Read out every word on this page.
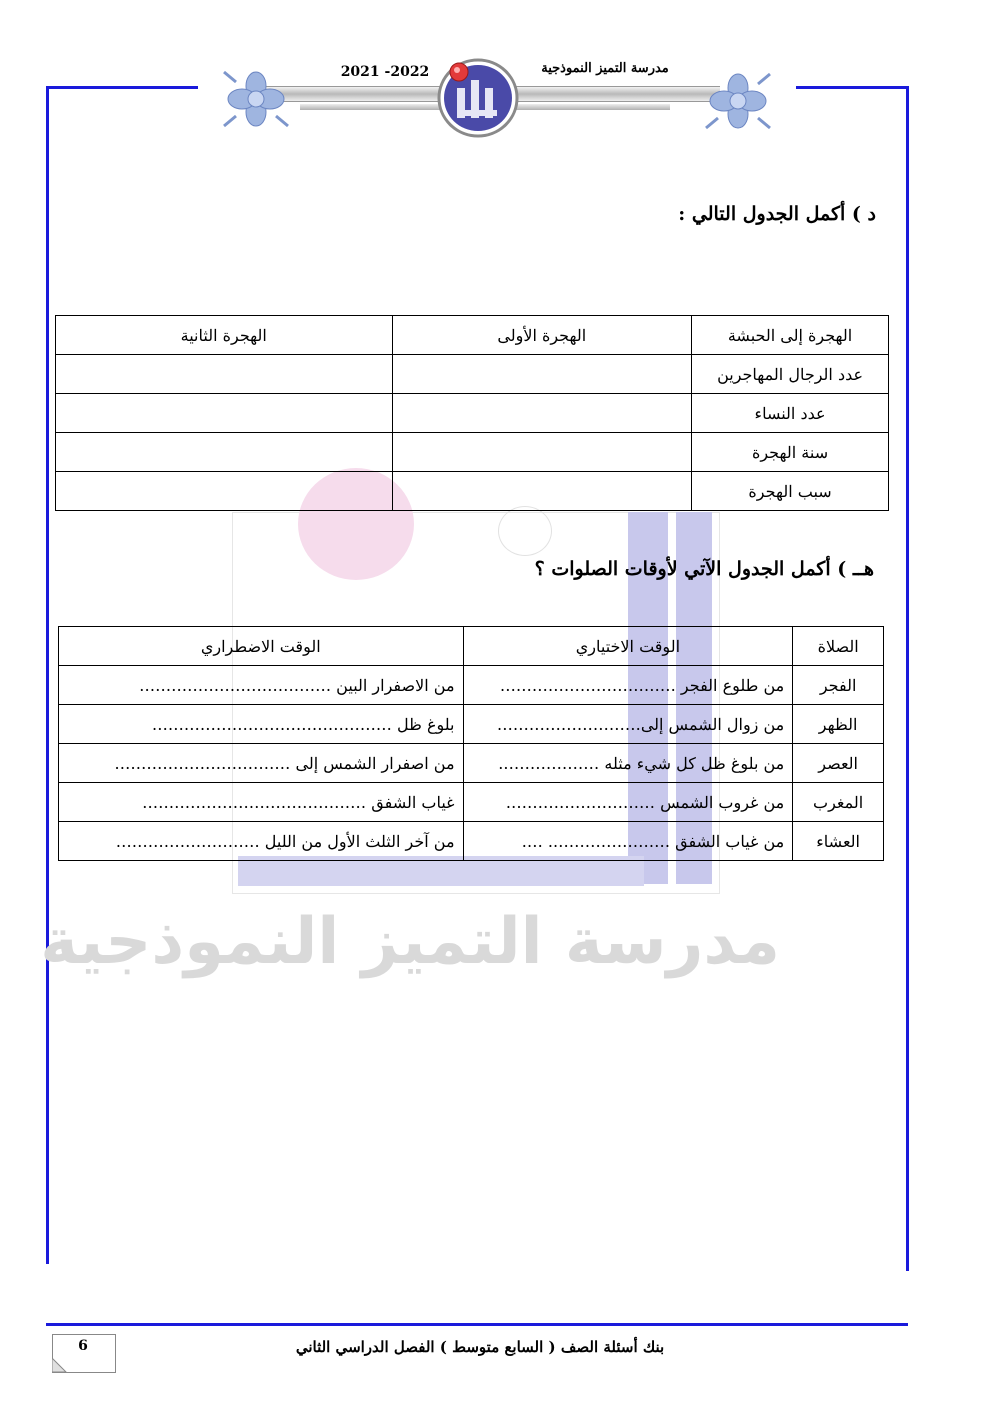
مدرسة التميز النموذجية
2021 -2022
د ) أكمل الجدول التالي :
الهجرة إلى الحبشة	الهجرة الأولى	الهجرة الثانية
عدد الرجال المهاجرين		
عدد النساء		
سنة الهجرة		
سبب الهجرة		
هــ ) أكمل الجدول الآتي لأوقات الصلوات ؟
الصلاة	الوقت الاختياري	الوقت الاضطراري
الفجر	من طلوع الفجر ……………………………	من الاصفرار البين ………………………………
الظهر	من زوال الشمس إلى………………………	بلوغ ظل ………………………………………
العصر	من بلوغ ظل كل شيء مثله ……………….	من اصفرار الشمس إلى ……………………………
المغرب	من غروب الشمس ……………………….	غياب الشفق ……………………………………
العشاء	من غياب الشفق ………………….. ….	من آخر الثلث الأول من الليل ………………………
مدرسة التميز النموذجية
بنك أسئلة الصف ( السابع متوسط ) الفصل الدراسي الثاني
6
